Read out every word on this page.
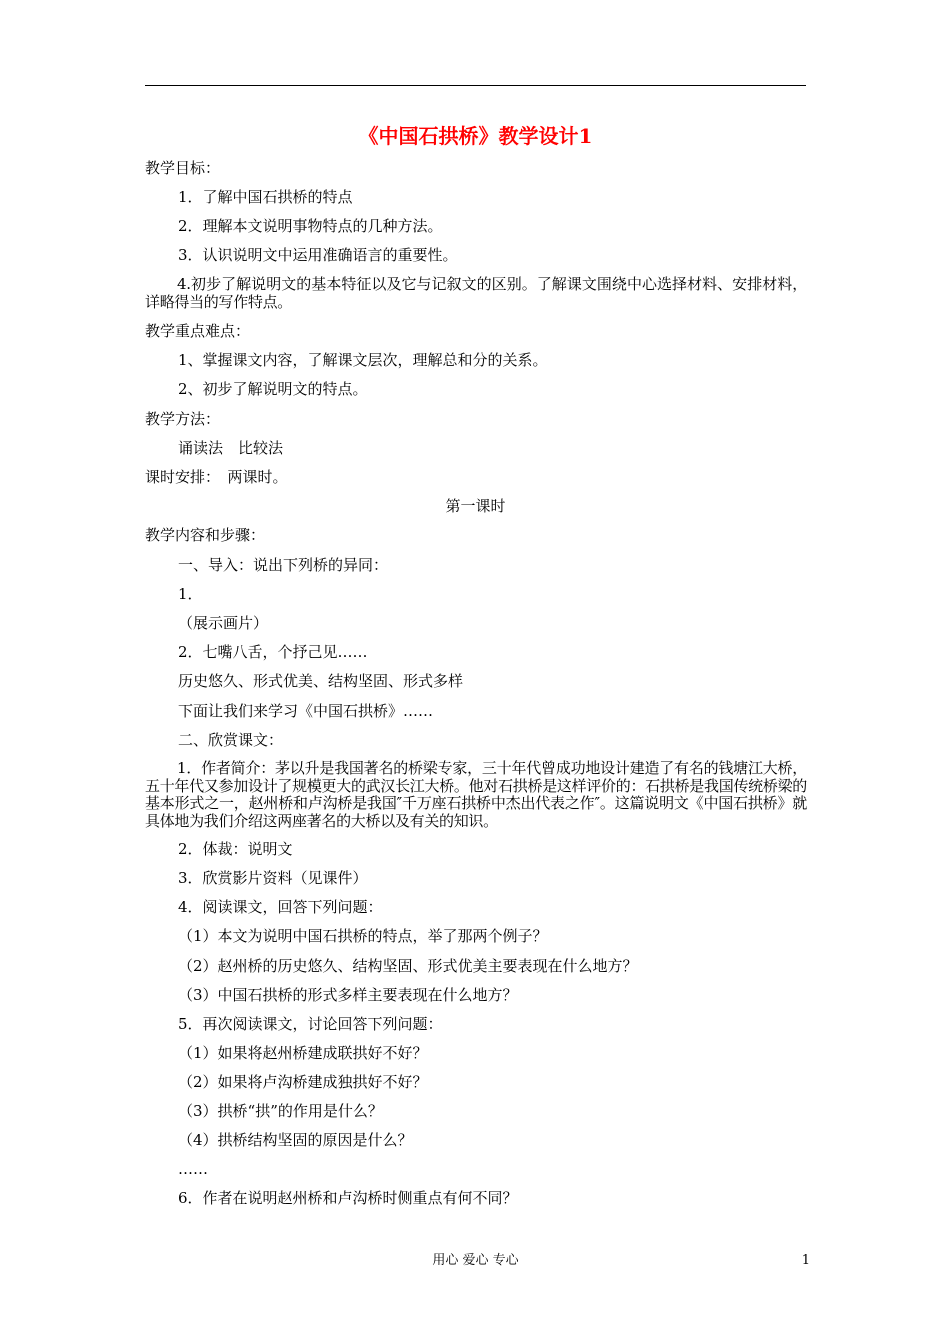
《中国石拱桥》教学设计1
教学目标：
1．了解中国石拱桥的特点
2．理解本文说明事物特点的几种方法。
3．认识说明文中运用准确语言的重要性。
4.初步了解说明文的基本特征以及它与记叙文的区别。了解课文围绕中心选择材料、安排材料，详略得当的写作特点。
教学重点难点：
1、掌握课文内容，了解课文层次，理解总和分的关系。
2、初步了解说明文的特点。
教学方法：
诵读法　比较法
课时安排：　两课时。
第一课时
教学内容和步骤：
一、导入：说出下列桥的异同：
1．
（展示画片）
2．七嘴八舌，个抒己见……
历史悠久、形式优美、结构坚固、形式多样
下面让我们来学习《中国石拱桥》……
二、欣赏课文：
1．作者简介：茅以升是我国著名的桥梁专家，三十年代曾成功地设计建造了有名的钱塘江大桥，五十年代又参加设计了规模更大的武汉长江大桥。他对石拱桥是这样评价的：石拱桥是我国传统桥梁的基本形式之一，赵州桥和卢沟桥是我国″千万座石拱桥中杰出代表之作″。这篇说明文《中国石拱桥》就具体地为我们介绍这两座著名的大桥以及有关的知识。
2．体裁：说明文
3．欣赏影片资料（见课件）
4．阅读课文，回答下列问题：
（1）本文为说明中国石拱桥的特点，举了那两个例子？
（2）赵州桥的历史悠久、结构坚固、形式优美主要表现在什么地方？
（3）中国石拱桥的形式多样主要表现在什么地方？
5．再次阅读课文，讨论回答下列问题：
（1）如果将赵州桥建成联拱好不好？
（2）如果将卢沟桥建成独拱好不好？
（3）拱桥“拱”的作用是什么？
（4）拱桥结构坚固的原因是什么？
……
6．作者在说明赵州桥和卢沟桥时侧重点有何不同？
用心 爱心 专心	1
